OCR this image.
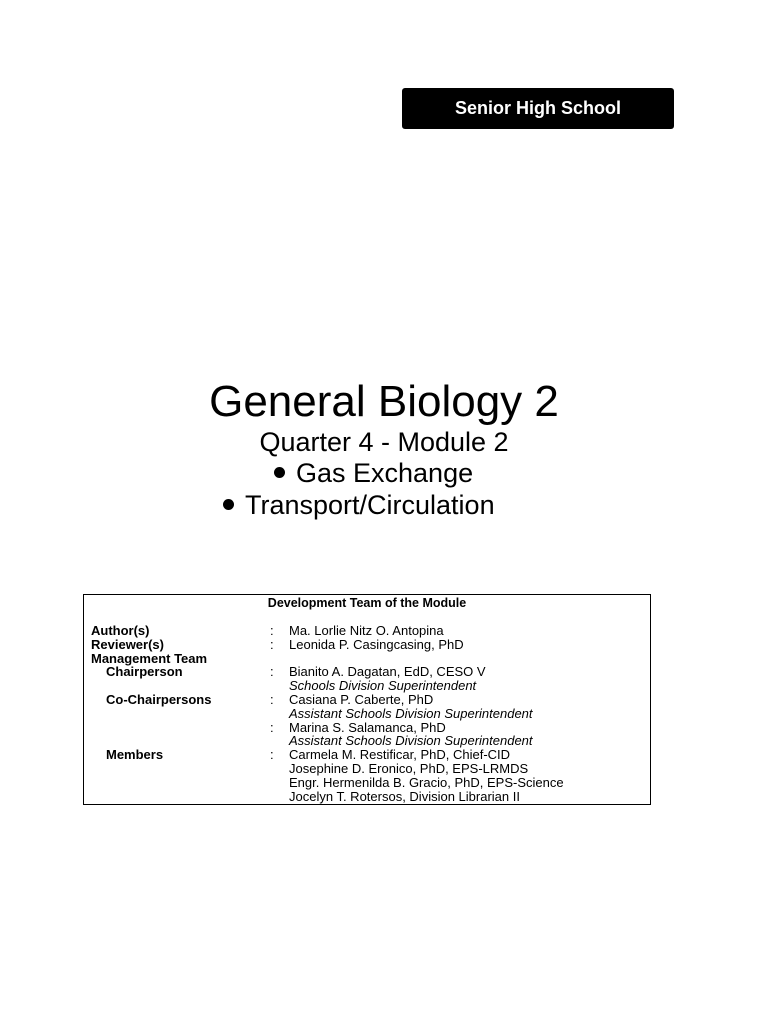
Senior High School
General Biology 2
Quarter 4 - Module 2
Gas Exchange
Transport/Circulation
Development Team of the Module
Author(s)	:	Ma. Lorlie Nitz O. Antopina
Reviewer(s)	:	Leonida P. Casingcasing, PhD
Management Team
Chairperson	:	Bianito A. Dagatan, EdD, CESO V
Schools Division Superintendent
Co-Chairpersons	:	Casiana P. Caberte, PhD
Assistant Schools Division Superintendent
:	Marina S. Salamanca, PhD
Assistant Schools Division Superintendent
Members	:	Carmela M. Restificar, PhD, Chief-CID
Josephine D. Eronico, PhD, EPS-LRMDS
Engr. Hermenilda B. Gracio, PhD, EPS-Science
Jocelyn T. Rotersos, Division Librarian II
